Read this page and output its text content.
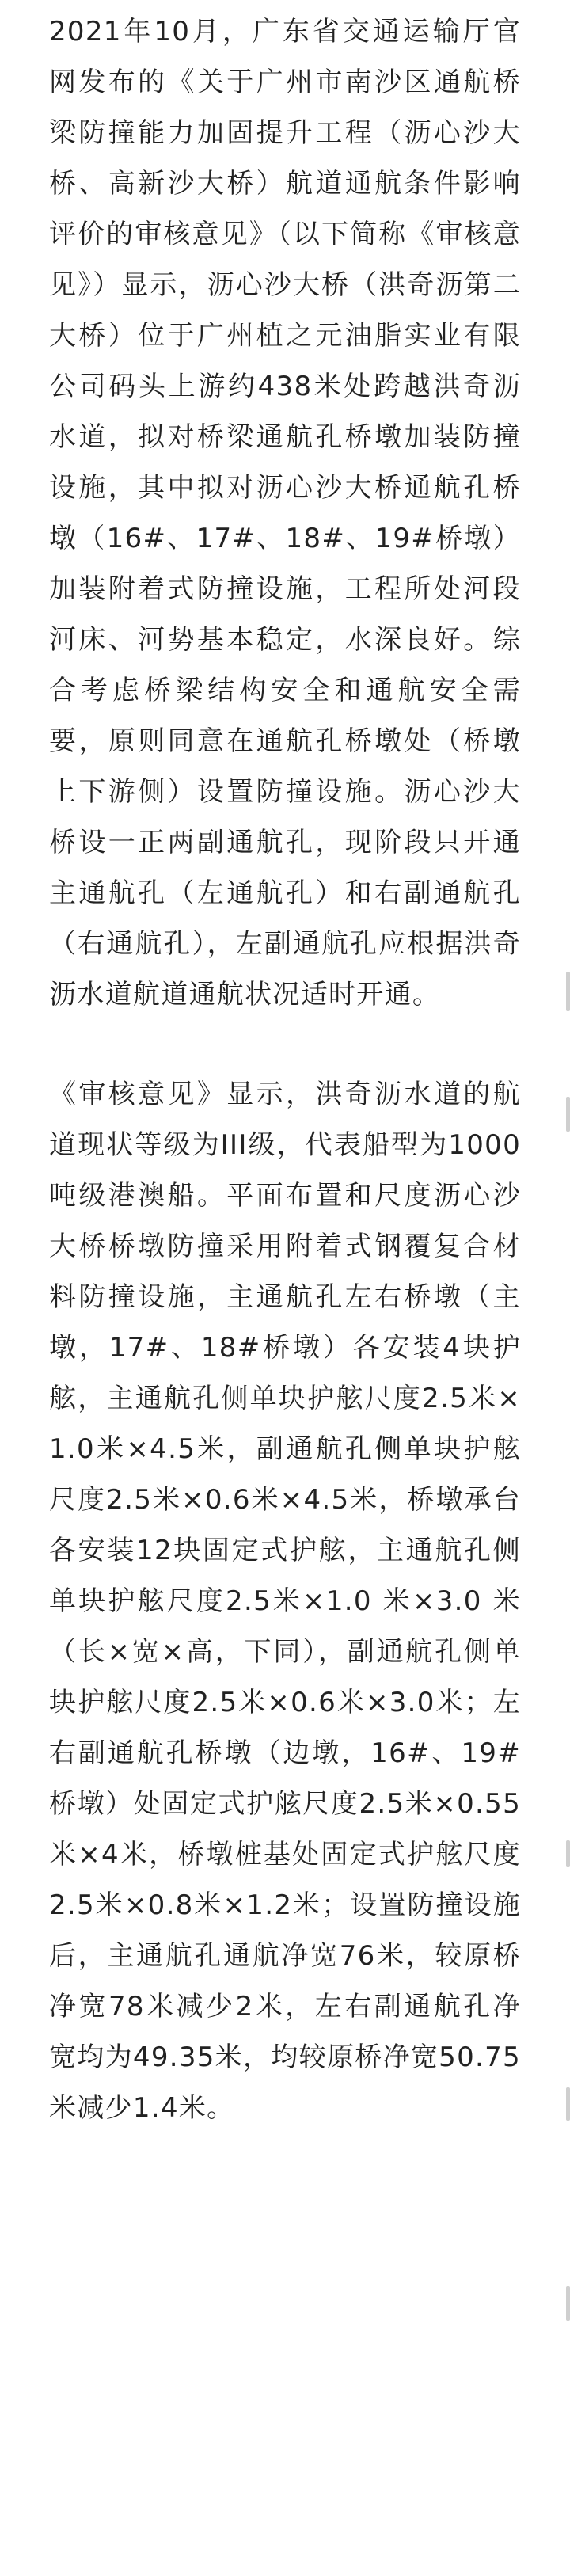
2021年10月，广东省交通运输厅官网发布的《关于广州市南沙区通航桥梁防撞能力加固提升工程（沥心沙大桥、高新沙大桥）航道通航条件影响评价的审核意见》（以下简称《审核意见》）显示，沥心沙大桥（洪奇沥第二大桥）位于广州植之元油脂实业有限公司码头上游约438米处跨越洪奇沥水道，拟对桥梁通航孔桥墩加装防撞设施，其中拟对沥心沙大桥通航孔桥墩（16#、17#、18#、19#桥墩）加装附着式防撞设施，工程所处河段河床、河势基本稳定，水深良好。综合考虑桥梁结构安全和通航安全需要，原则同意在通航孔桥墩处（桥墩上下游侧）设置防撞设施。沥心沙大桥设一正两副通航孔，现阶段只开通主通航孔（左通航孔）和右副通航孔（右通航孔），左副通航孔应根据洪奇沥水道航道通航状况适时开通。

《审核意见》显示，洪奇沥水道的航道现状等级为III级，代表船型为1000吨级港澳船。平面布置和尺度沥心沙大桥桥墩防撞采用附着式钢覆复合材料防撞设施，主通航孔左右桥墩（主墩，17#、18#桥墩）各安装4块护舷，主通航孔侧单块护舷尺度2.5米×1.0米×4.5米，副通航孔侧单块护舷尺度2.5米×0.6米×4.5米，桥墩承台各安装12块固定式护舷，主通航孔侧单块护舷尺度2.5米×1.0 米×3.0 米（长×宽×高，下同），副通航孔侧单块护舷尺度2.5米×0.6米×3.0米；左右副通航孔桥墩（边墩，16#、19#桥墩）处固定式护舷尺度2.5米×0.55米×4米，桥墩桩基处固定式护舷尺度2.5米×0.8米×1.2米；设置防撞设施后，主通航孔通航净宽76米，较原桥净宽78米减少2米，左右副通航孔净宽均为49.35米，均较原桥净宽50.75米减少1.4米。
